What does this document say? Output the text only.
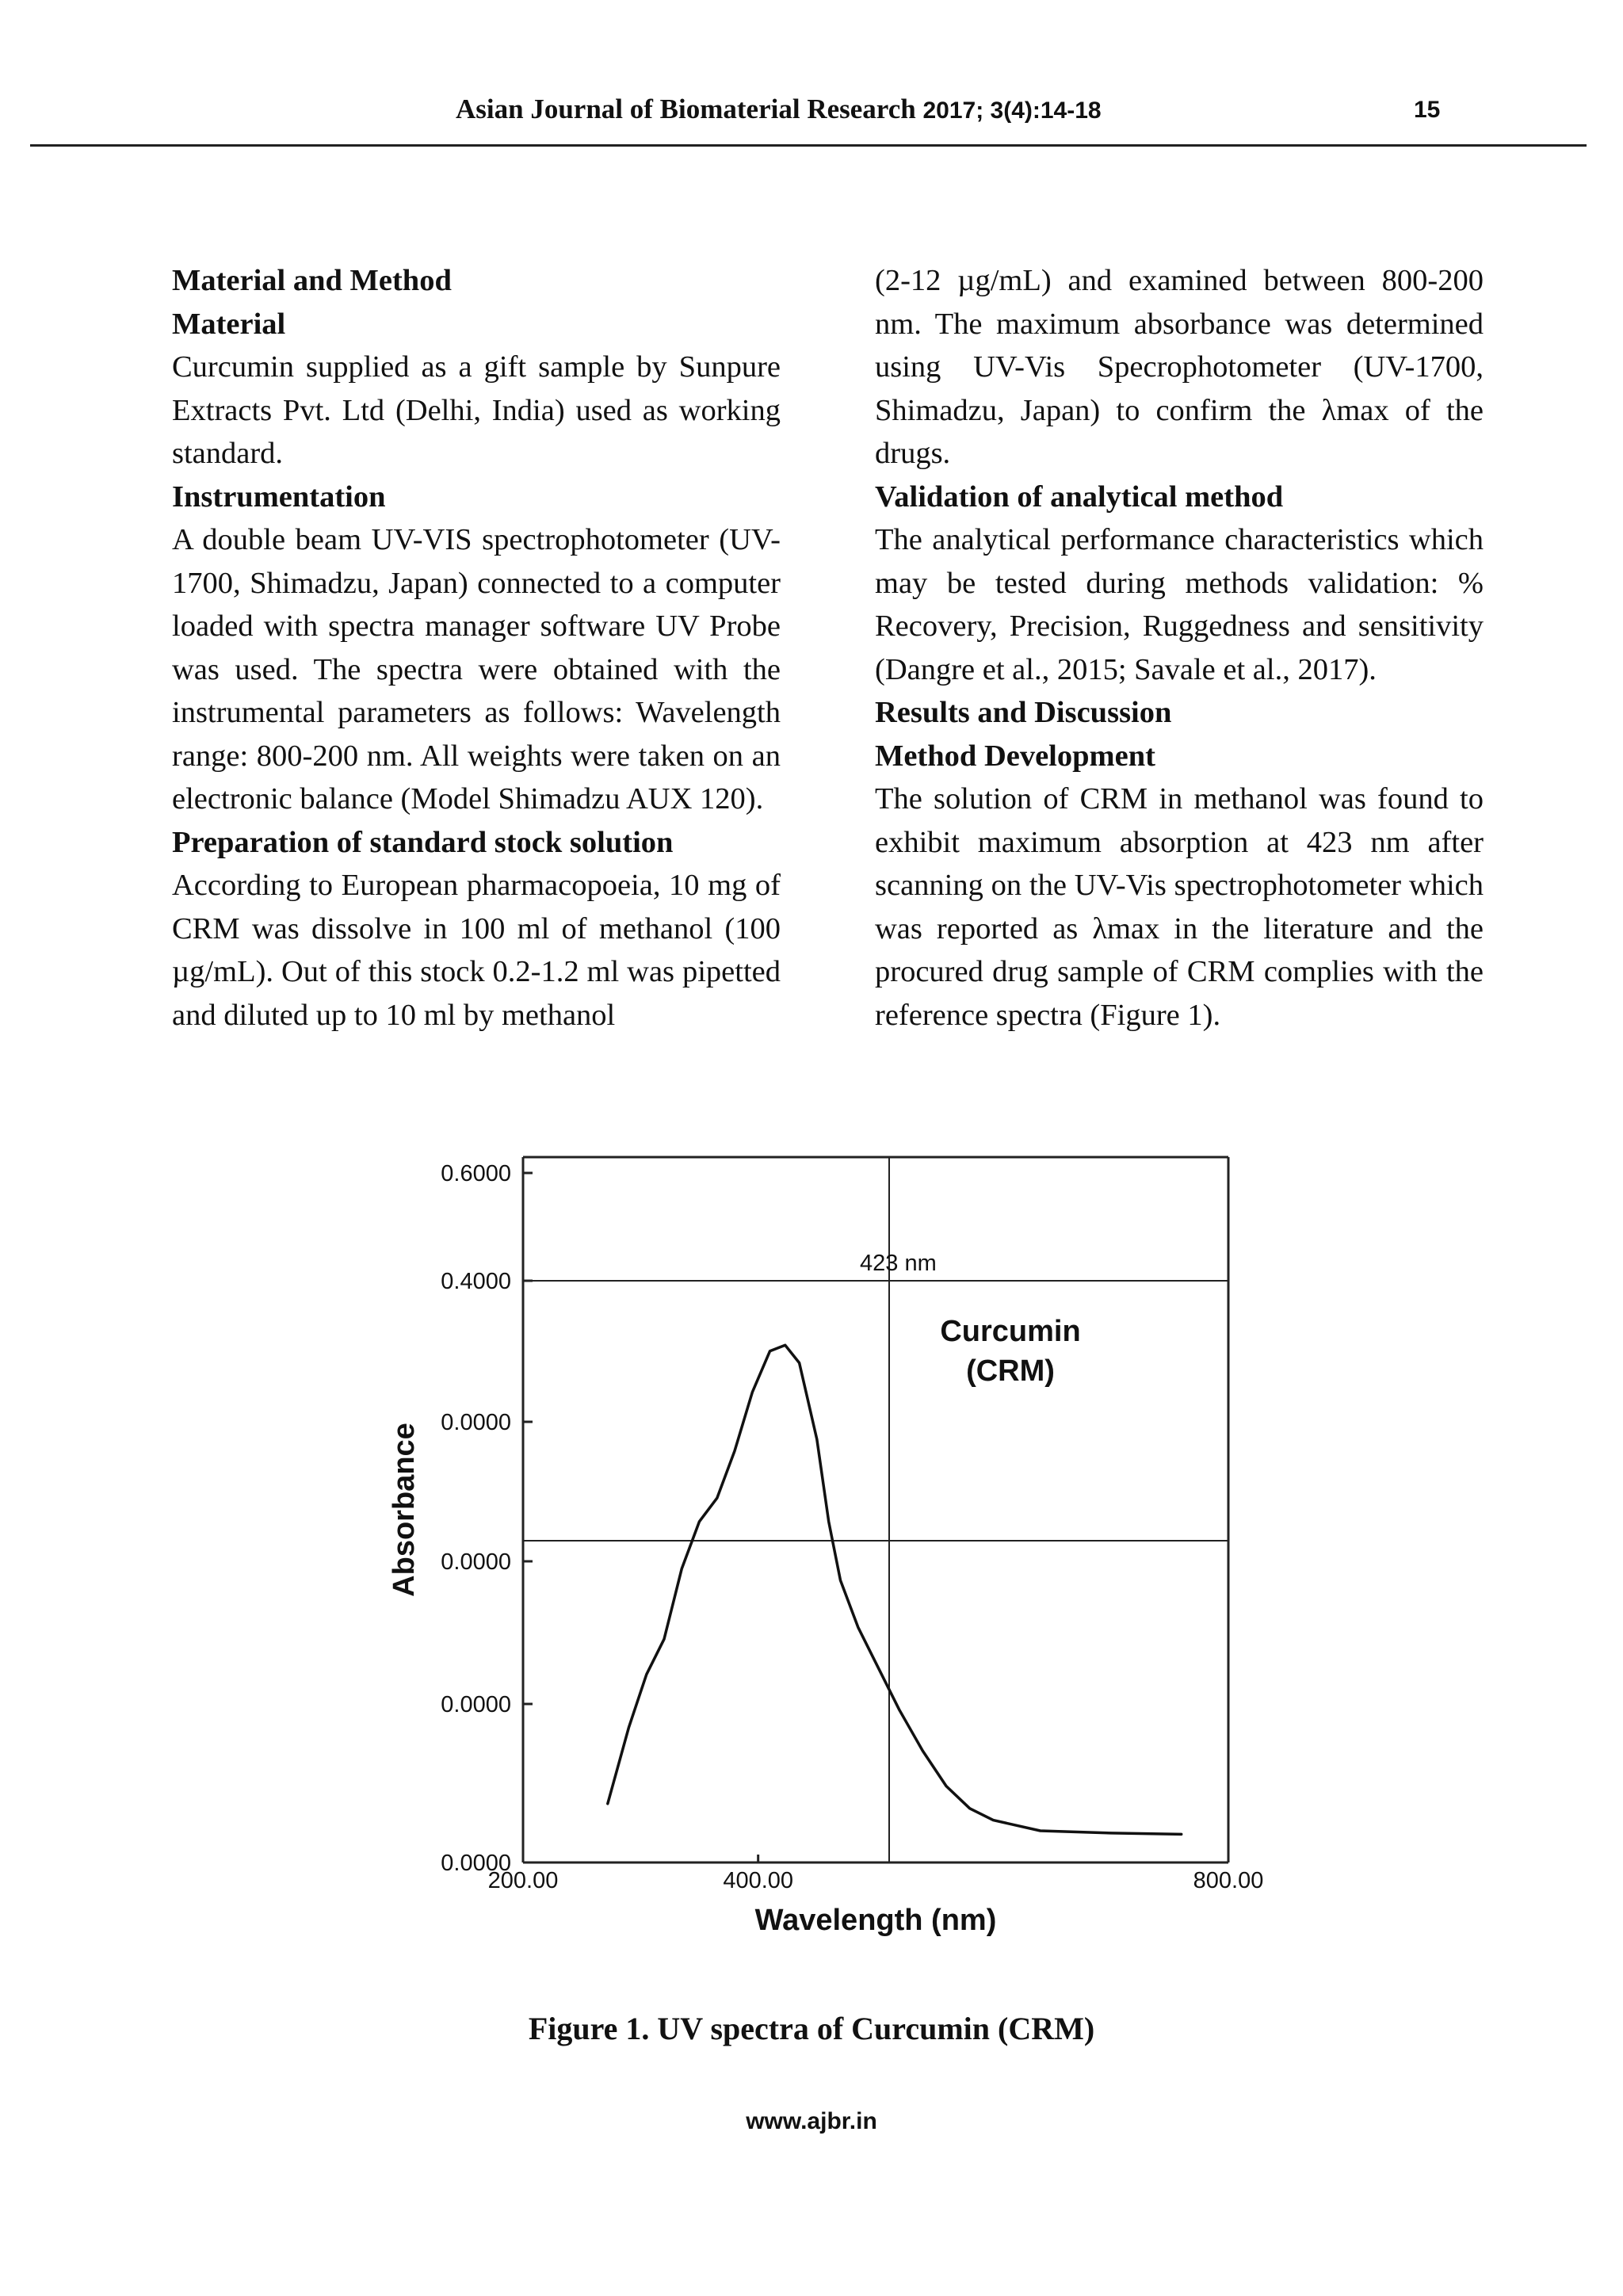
Asian Journal of Biomaterial Research 2017; 3(4):14-18	15

Material and Method

Material

Curcumin supplied as a gift sample by Sunpure Extracts Pvt. Ltd (Delhi, India) used as working standard.

Instrumentation

A double beam UV-VIS spectrophotometer (UV-1700, Shimadzu, Japan) connected to a computer loaded with spectra manager software UV Probe was used. The spectra were obtained with the instrumental parameters as follows: Wavelength range: 800-200 nm. All weights were taken on an electronic balance (Model Shimadzu AUX 120).

Preparation of standard stock solution

According to European pharmacopoeia, 10 mg of CRM was dissolve in 100 ml of methanol (100 µg/mL). Out of this stock 0.2-1.2 ml was pipetted and diluted up to 10 ml by methanol

(2-12 µg/mL) and examined between 800-200 nm. The maximum absorbance was determined using UV-Vis Specrophotometer (UV-1700, Shimadzu, Japan) to confirm the λmax of the drugs.

Validation of analytical method

The analytical performance characteristics which may be tested during methods validation: % Recovery, Precision, Ruggedness and sensitivity (Dangre et al., 2015; Savale et al., 2017).

Results and Discussion

Method Development

The solution of CRM in methanol was found to exhibit maximum absorption at 423 nm after scanning on the UV-Vis spectrophotometer which was reported as λmax in the literature and the procured drug sample of CRM complies with the reference spectra (Figure 1).

0.6000
0.4000
0.0000
0.0000
0.0000
0.0000
200.00	400.00	800.00
423 nm
Curcumin
(CRM)
Wavelength (nm)
Absorbance
Figure 1. UV spectra of Curcumin (CRM)
www.ajbr.in
